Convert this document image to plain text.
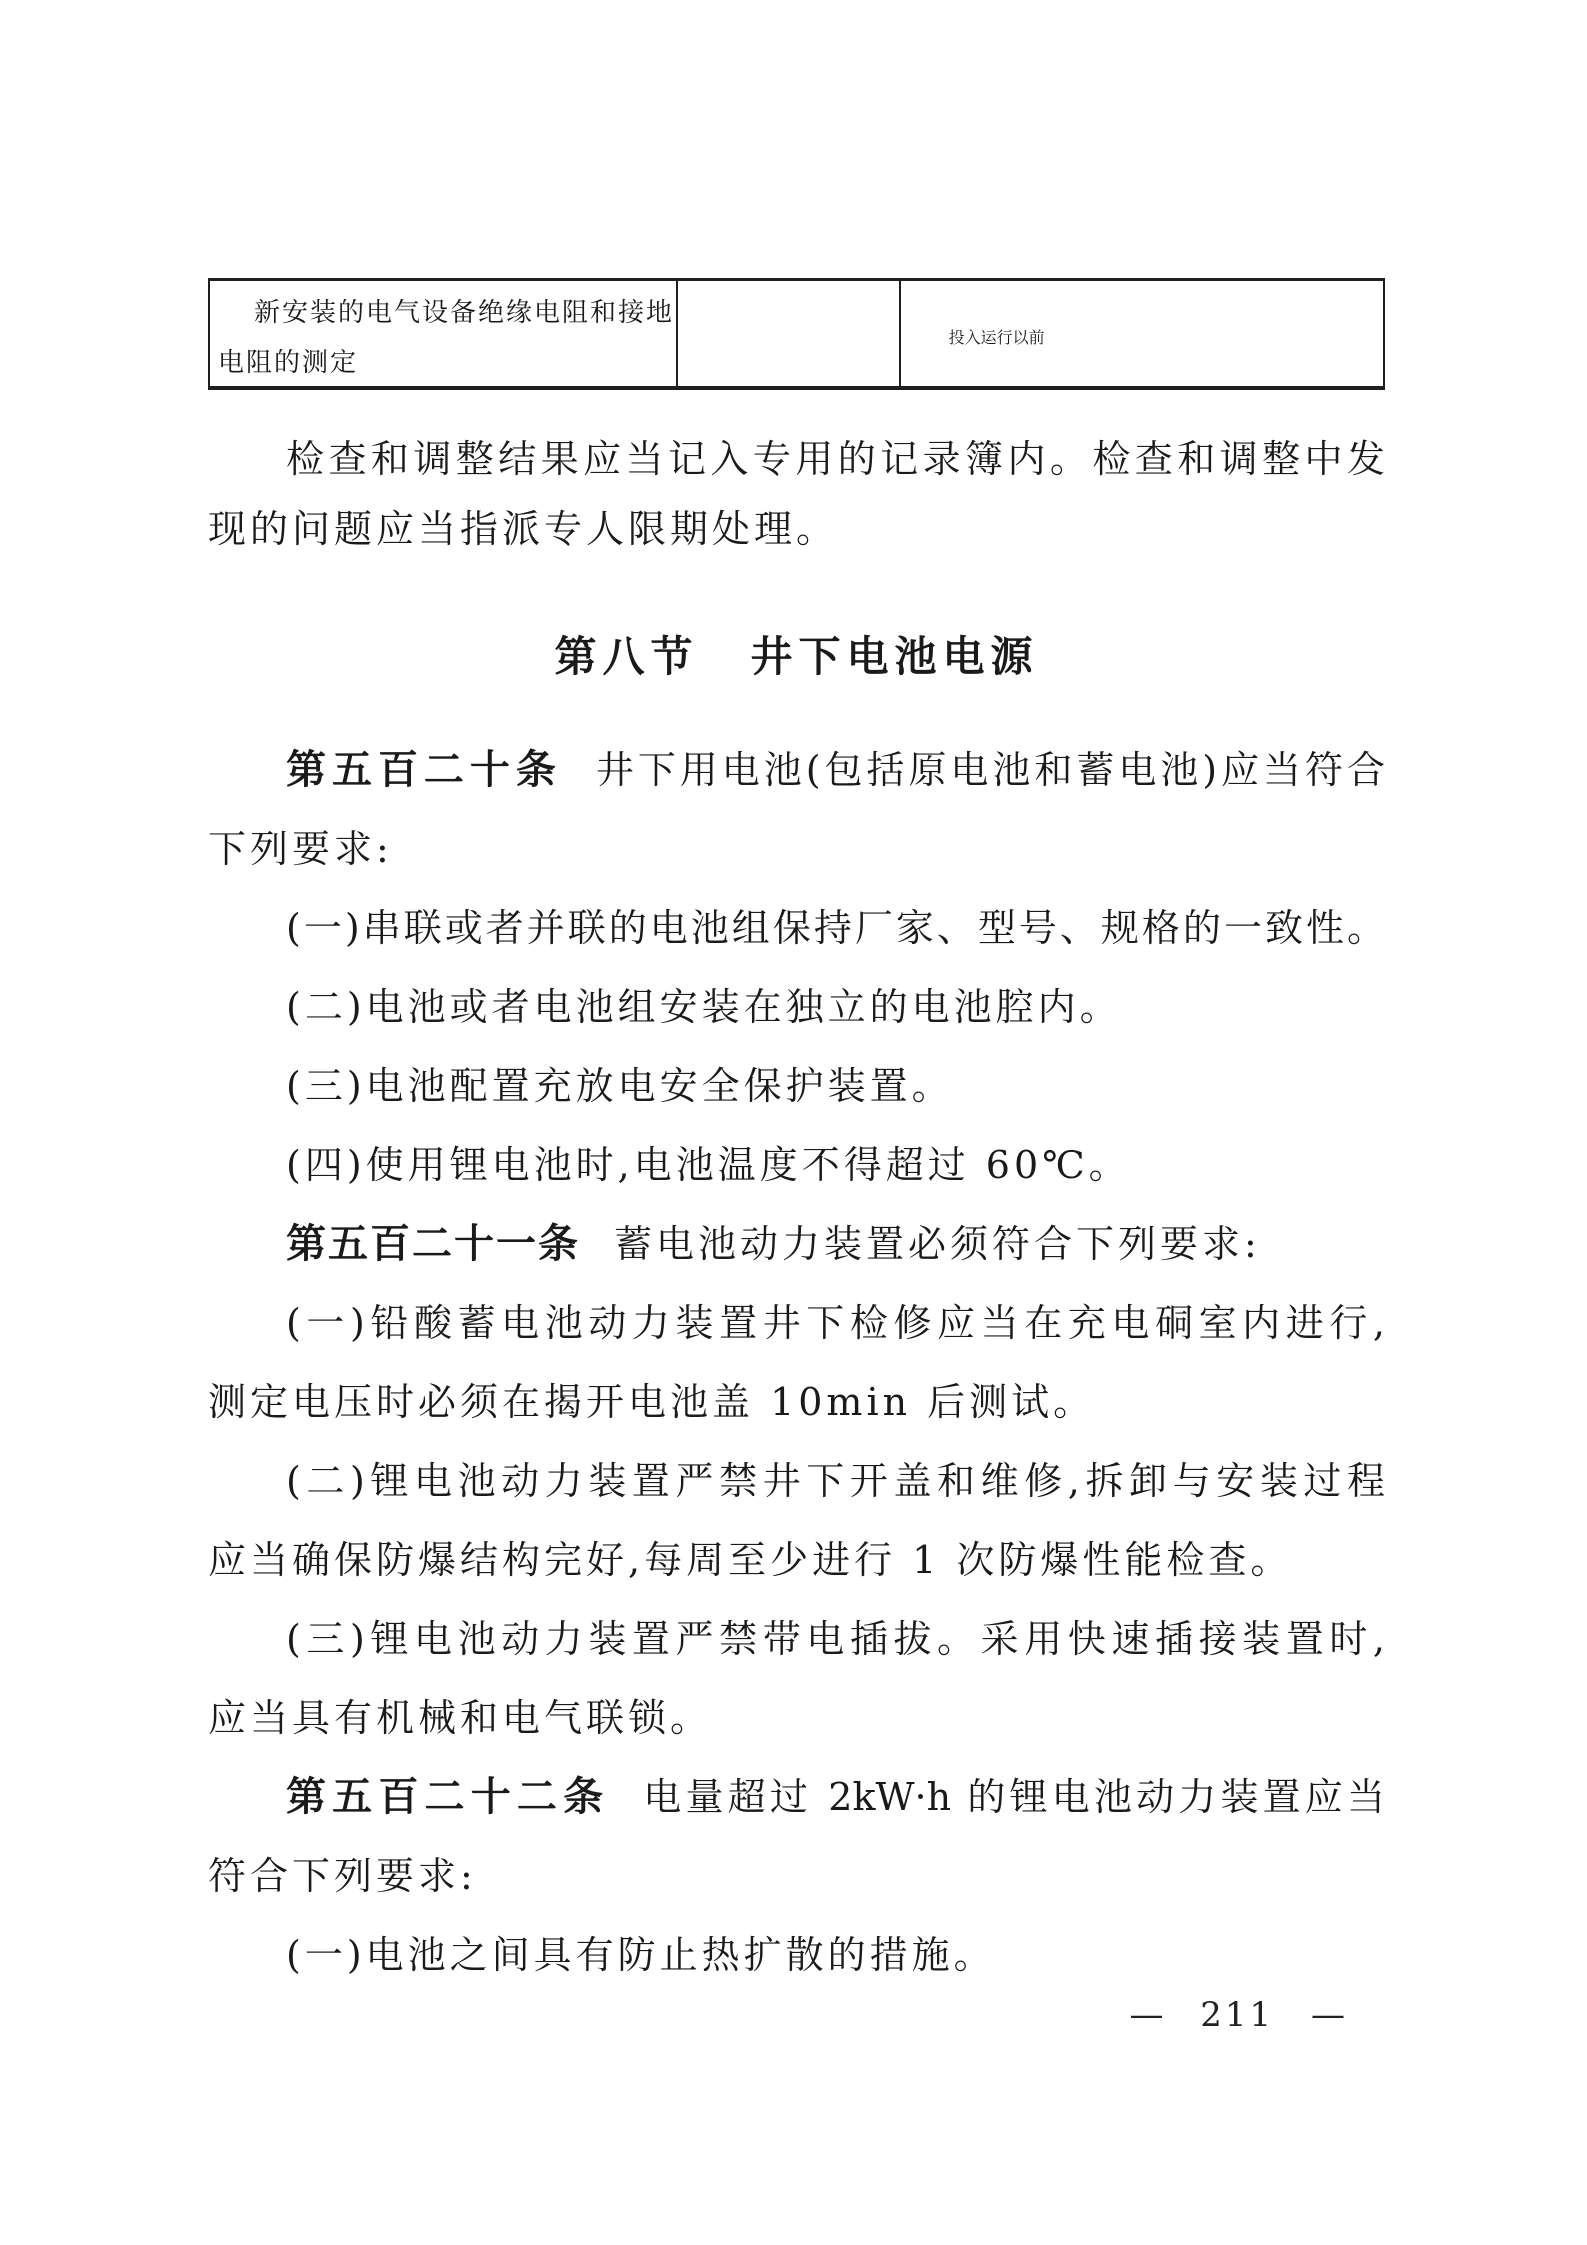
新安装的电气设备绝缘电阻和接地
电阻的测定
投入运行以前
检查和调整结果应当记入专用的记录簿内。检查和调整中发
现的问题应当指派专人限期处理。
第八节 井下电池电源
第五百二十条 井下用电池(包括原电池和蓄电池)应当符合
下列要求:
(一)串联或者并联的电池组保持厂家、型号、规格的一致性。
(二)电池或者电池组安装在独立的电池腔内。
(三)电池配置充放电安全保护装置。
(四)使用锂电池时,电池温度不得超过 60℃。
第五百二十一条 蓄电池动力装置必须符合下列要求:
(一)铅酸蓄电池动力装置井下检修应当在充电硐室内进行,
测定电压时必须在揭开电池盖 10min 后测试。
(二)锂电池动力装置严禁井下开盖和维修,拆卸与安装过程
应当确保防爆结构完好,每周至少进行 1 次防爆性能检查。
(三)锂电池动力装置严禁带电插拔。采用快速插接装置时,
应当具有机械和电气联锁。
第五百二十二条 电量超过 2kW·h 的锂电池动力装置应当
符合下列要求:
(一)电池之间具有防止热扩散的措施。
— 211 —
